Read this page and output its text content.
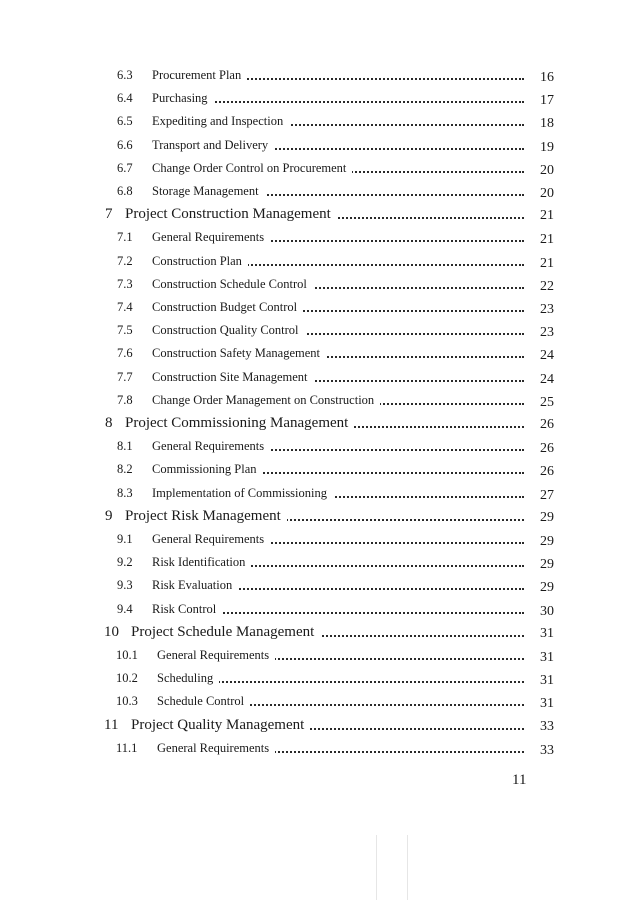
6.3 Procurement Plan	16
6.4 Purchasing	17
6.5 Expediting and Inspection	18
6.6 Transport and Delivery	19
6.7 Change Order Control on Procurement	20
6.8 Storage Management	20
7 Project Construction Management	21
7.1 General Requirements	21
7.2 Construction Plan	21
7.3 Construction Schedule Control	22
7.4 Construction Budget Control	23
7.5 Construction Quality Control	23
7.6 Construction Safety Management	24
7.7 Construction Site Management	24
7.8 Change Order Management on Construction	25
8 Project Commissioning Management	26
8.1 General Requirements	26
8.2 Commissioning Plan	26
8.3 Implementation of Commissioning	27
9 Project Risk Management	29
9.1 General Requirements	29
9.2 Risk Identification	29
9.3 Risk Evaluation	29
9.4 Risk Control	30
10 Project Schedule Management	31
10.1 General Requirements	31
10.2 Scheduling	31
10.3 Schedule Control	31
11 Project Quality Management	33
11.1 General Requirements	33
11
